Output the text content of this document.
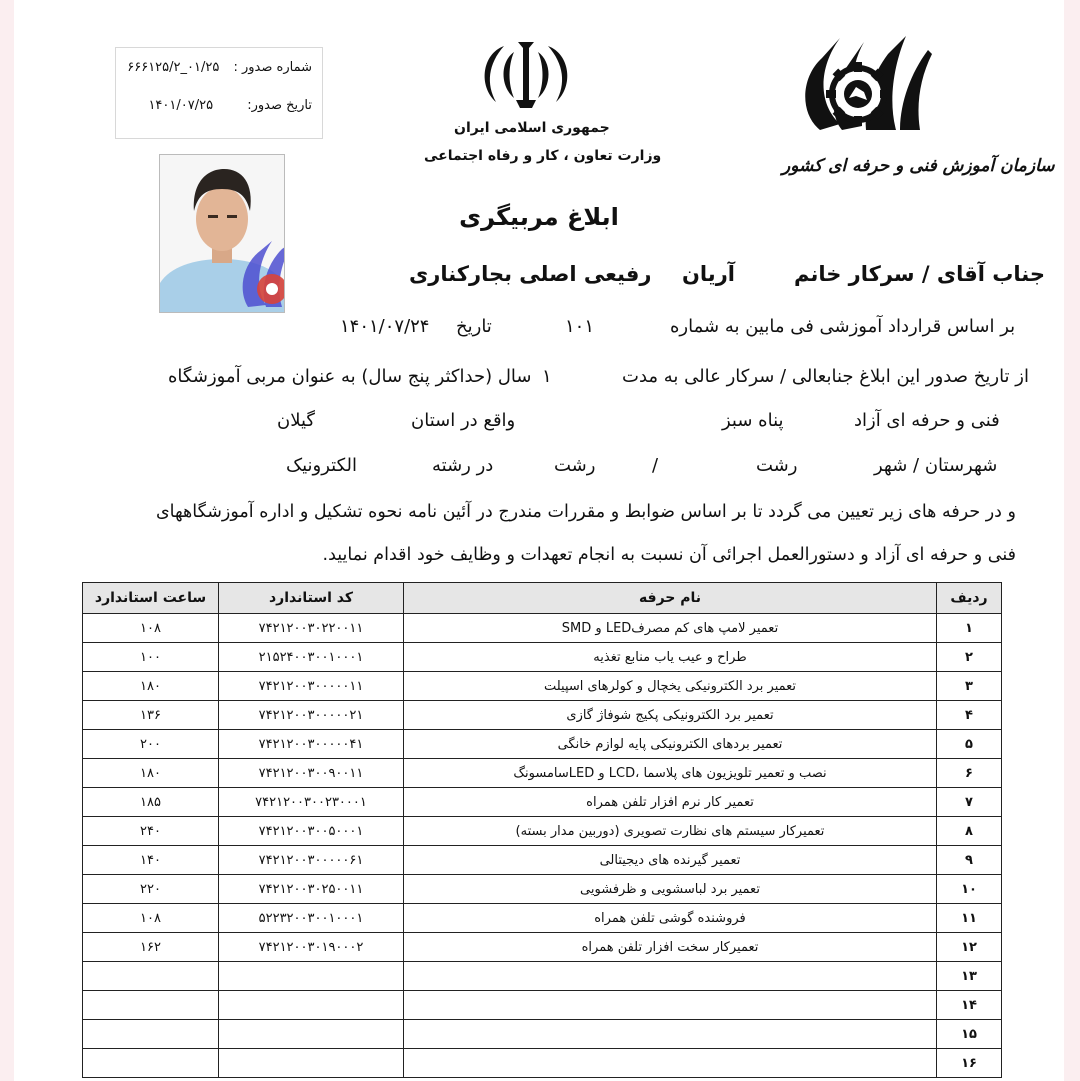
شماره صدور : ۰۱/۲۵_۶۶۶۱۲۵/۲
تاریخ صدور: ۱۴۰۱/۰۷/۲۵
جمهوری اسلامی ایران
وزارت تعاون ، کار و رفاه اجتماعی	سازمان آموزش فنی و حرفه ای کشور
ابلاغ مربیگری
جناب آقای / سرکار خانم
آریان
رفیعی اصلی بجارکناری
بر اساس قرارداد آموزشی فی مابین به شماره
۱۰۱
تاریخ
۱۴۰۱/۰۷/۲۴
از تاریخ صدور این ابلاغ جنابعالی / سرکار عالی به مدت
۱
سال (حداکثر پنج سال) به عنوان مربی آموزشگاه
فنی و حرفه ای آزاد
پناه سبز
واقع در استان
گیلان
شهرستان / شهر
رشت
/
رشت
در رشته
الکترونیک
و در حرفه های زیر تعیین می گردد تا بر اساس ضوابط و مقررات مندرج در آئین نامه نحوه تشکیل و اداره آموزشگاههای
فنی و حرفه ای آزاد و دستورالعمل اجرائی آن نسبت به انجام تعهدات و وظایف خود اقدام نمایید.
ردیف	نام حرفه	کد استاندارد	ساعت استاندارد
۱	تعمیر لامپ های کم مصرفLED و SMD	۷۴۲۱۲۰۰۳۰۲۲۰۰۱۱	۱۰۸
۲	طراح و عیب یاب منابع تغذیه	۲۱۵۲۴۰۰۳۰۰۱۰۰۰۱	۱۰۰
۳	تعمیر برد الکترونیکی یخچال و کولرهای اسپیلت	۷۴۲۱۲۰۰۳۰۰۰۰۰۱۱	۱۸۰
۴	تعمیر برد الکترونیکی پکیج شوفاژ گازی	۷۴۲۱۲۰۰۳۰۰۰۰۰۲۱	۱۳۶
۵	تعمیر بردهای الکترونیکی پایه لوازم خانگی	۷۴۲۱۲۰۰۳۰۰۰۰۰۴۱	۲۰۰
۶	نصب و تعمیر تلویزیون های پلاسما ،LCD و LEDسامسونگ	۷۴۲۱۲۰۰۳۰۰۹۰۰۱۱	۱۸۰
۷	تعمیر کار نرم افزار تلفن همراه	۷۴۲۱۲۰۰۳۰۰۲۳۰۰۰۱	۱۸۵
۸	تعمیرکار سیستم های نظارت تصویری (دوربین مدار بسته)	۷۴۲۱۲۰۰۳۰۰۵۰۰۰۱	۲۴۰
۹	تعمیر گیرنده های دیجیتالی	۷۴۲۱۲۰۰۳۰۰۰۰۰۶۱	۱۴۰
۱۰	تعمیر برد لباسشویی و ظرفشویی	۷۴۲۱۲۰۰۳۰۲۵۰۰۱۱	۲۲۰
۱۱	فروشنده گوشی تلفن همراه	۵۲۲۳۲۰۰۳۰۰۱۰۰۰۱	۱۰۸
۱۲	تعمیرکار سخت افزار تلفن همراه	۷۴۲۱۲۰۰۳۰۱۹۰۰۰۲	۱۶۲
۱۳			
۱۴			
۱۵			
۱۶			
